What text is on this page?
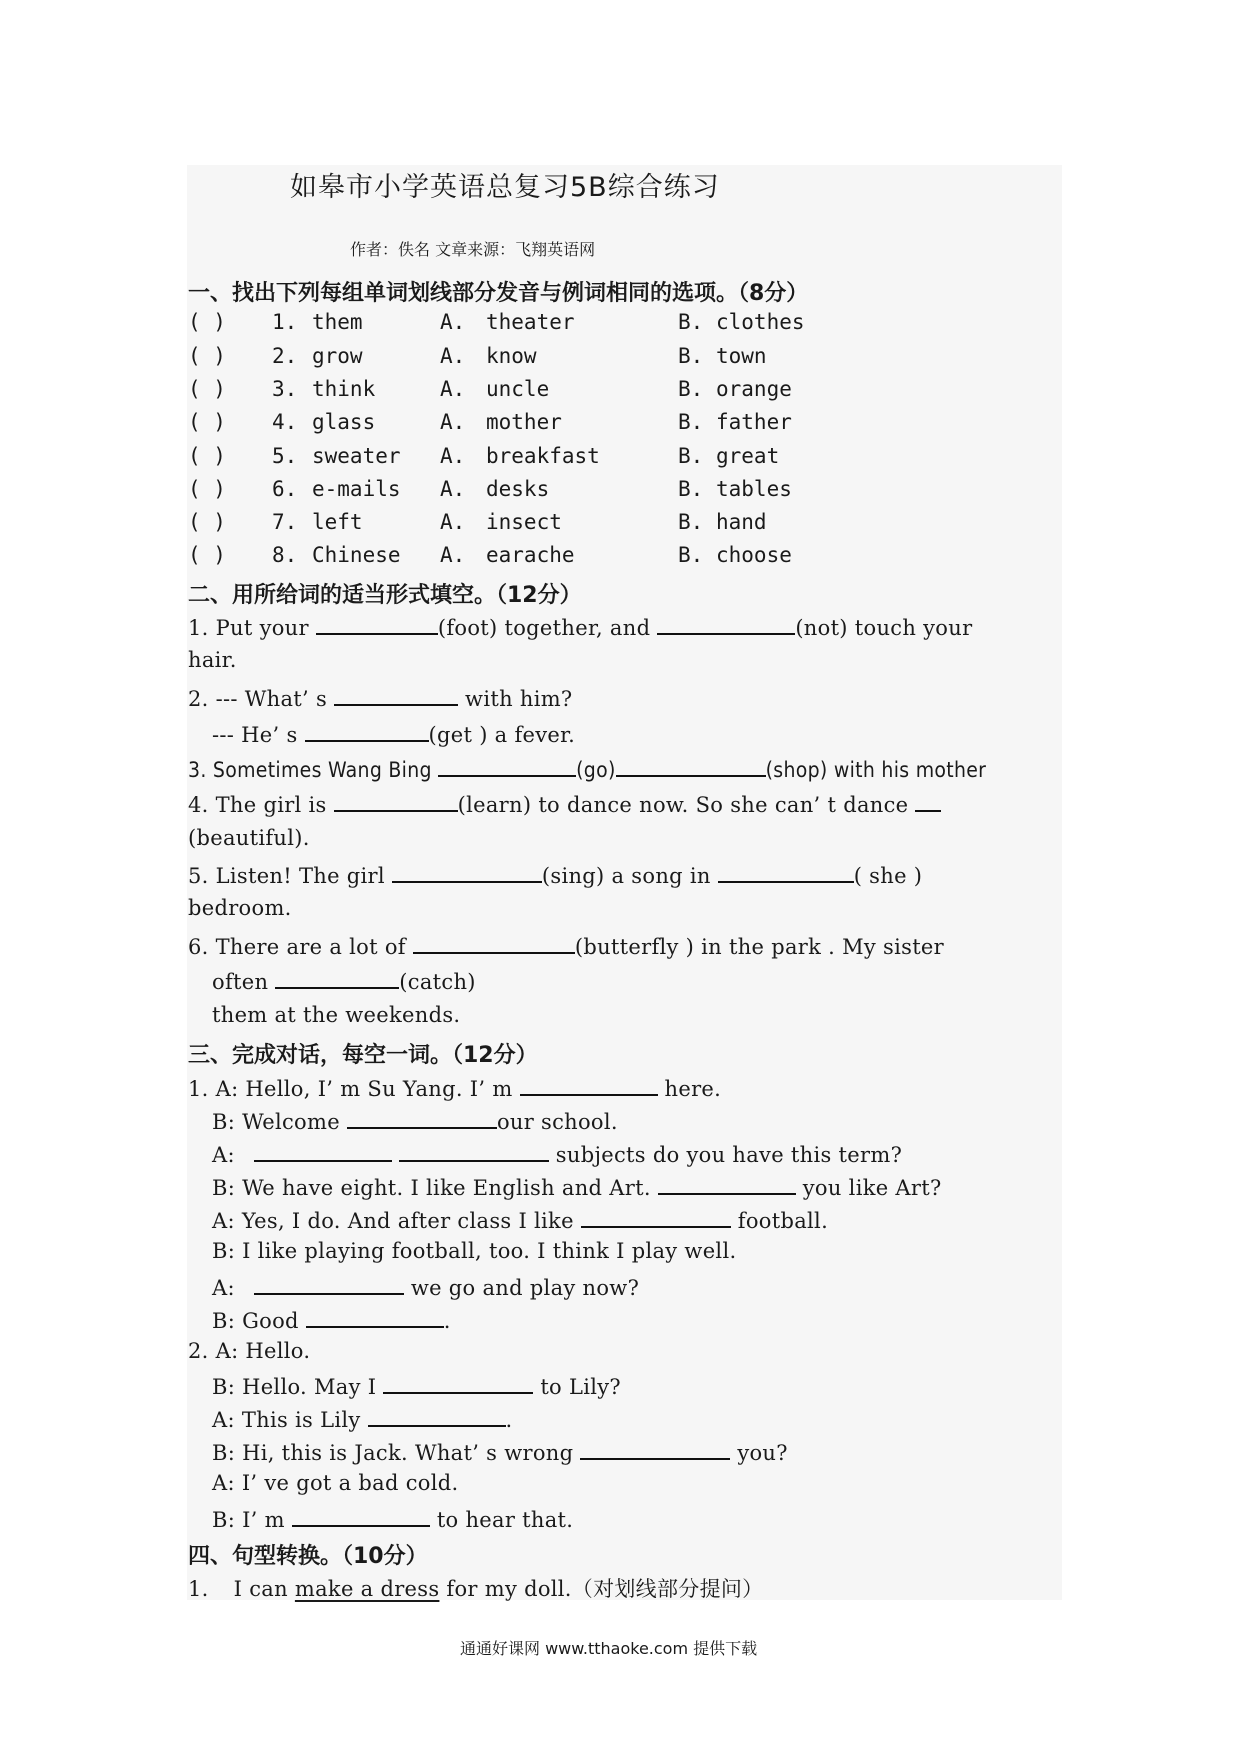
如皋市小学英语总复习5B综合练习
作者：佚名 文章来源：飞翔英语网
一、找出下列每组单词划线部分发音与例词相同的选项。（8分）
( ) 1. them	A. theater	B. clothes
( ) 2. grow	A. know	B. town
( ) 3. think	A. uncle	B. orange
( ) 4. glass	A. mother	B. father
( ) 5. sweater A. breakfast	B. great
( ) 6. e-mails A. desks	B. tables
( ) 7. left	A. insect	B. hand
( ) 8. Chinese A. earache	B. choose
二、用所给词的适当形式填空。（12分）
1. Put your	(foot) together, and	(not) touch your
hair.
2. --- What’ s	with him?
--- He’ s	(get ) a fever.
3. Sometimes Wang Bing	(go)	(shop) with his mother
4. The girl is	(learn) to dance now. So she can’ t dance
(beautiful).
5. Listen! The girl	(sing) a song in	( she )
bedroom.
6. There are a lot of	(butterfly ) in the park . My sister
often	(catch)
them at the weekends.
三、完成对话，每空一词。（12分）
1. A: Hello, I’ m Su Yang. I’ m	here.
B: Welcome	our school.
A:	subjects do you have this term?
B: We have eight. I like English and Art.	you like Art?
A: Yes, I do. And after class I like	football.
B: I like playing football, too. I think I play well.
A:	we go and play now?
B: Good	.
2. A: Hello.
B: Hello. May I	to Lily?
A: This is Lily	.
B: Hi, this is Jack. What’ s wrong	you?
A: I’ ve got a bad cold.
B: I’ m	to hear that.
四、句型转换。（10分）
1. I can make a dress for my doll.（对划线部分提问）
通通好课网 www.tthaoke.com 提供下载
